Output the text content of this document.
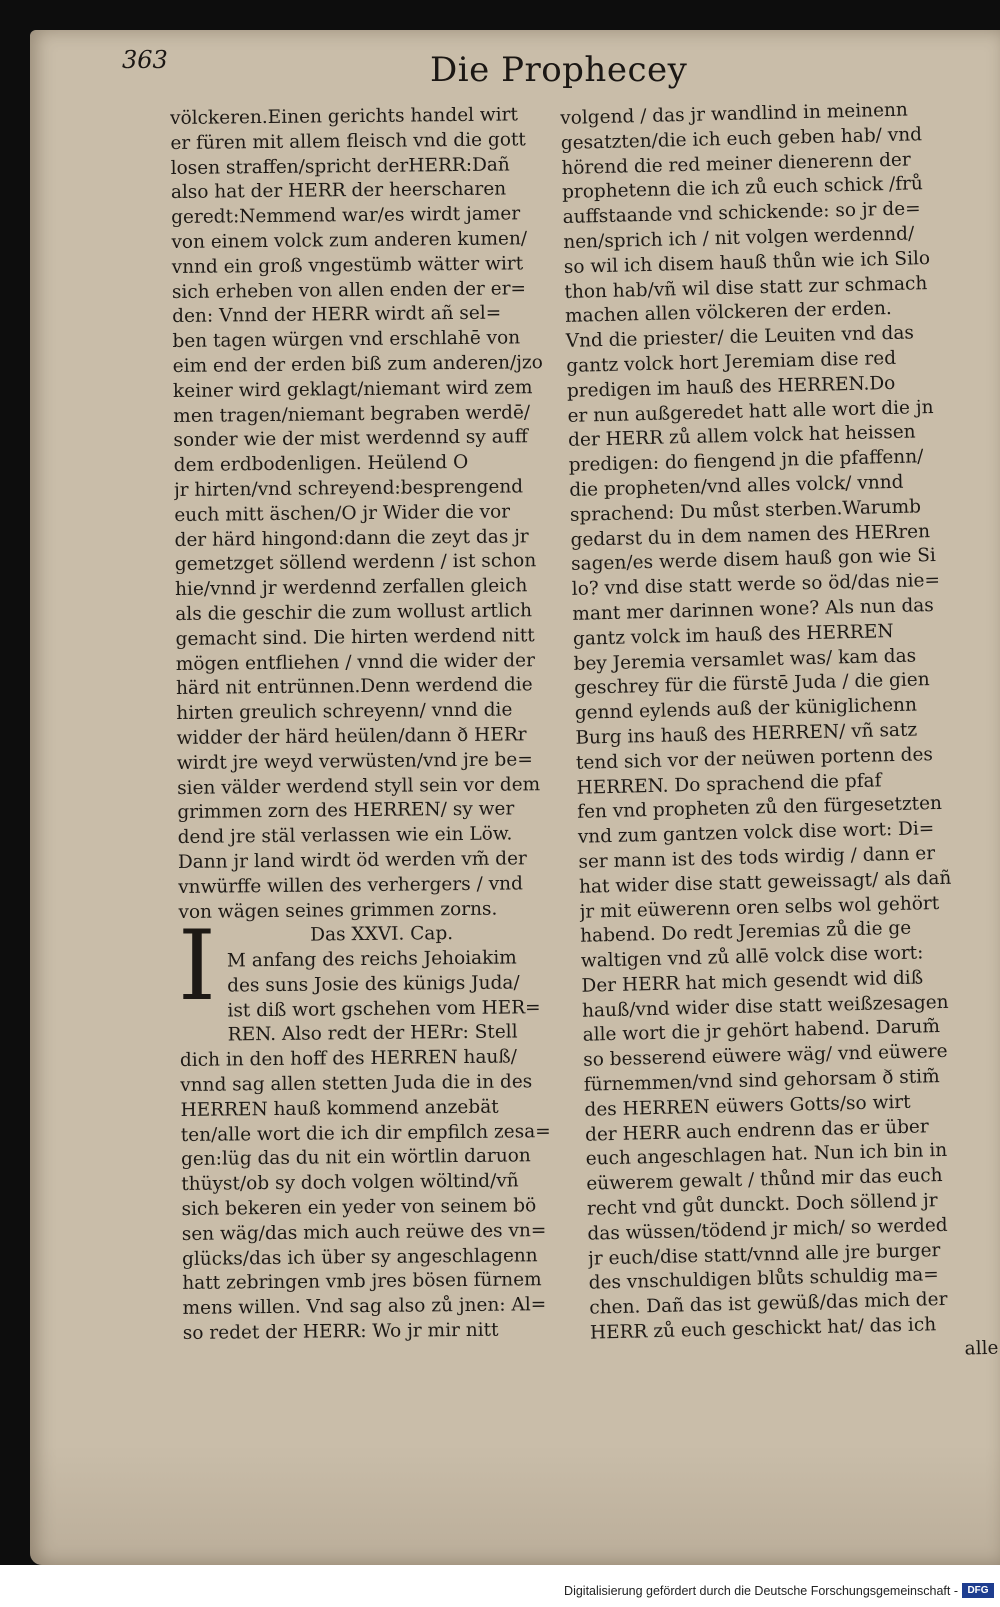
363	Die Prophecey
völckeren.Einen gerichts handel wirt
er füren mit allem fleisch vnd die gott
losen straffen/spricht derHERR:Dañ
also hat der HERR der heerscharen
geredt:Nemmend war/es wirdt jamer
von einem volck zum anderen kumen/
vnnd ein groß vngestümb wätter wirt
sich erheben von allen enden der er=
den: Vnnd der HERR wirdt añ sel=
ben tagen würgen vnd erschlahē von
eim end der erden biß zum anderen/jzo
keiner wird geklagt/niemant wird zem
men tragen/niemant begraben werdē/
sonder wie der mist werdennd sy auff
dem erdbodenligen. Heülend O
jr hirten/vnd schreyend:besprengend
euch mitt äschen/O jr Wider die vor
der härd hingond:dann die zeyt das jr
gemetzget söllend werdenn / ist schon
hie/vnnd jr werdennd zerfallen gleich
als die geschir die zum wollust artlich
gemacht sind. Die hirten werdend nitt
mögen entfliehen / vnnd die wider der
härd nit entrünnen.Denn werdend die
hirten greulich schreyenn/ vnnd die
widder der härd heülen/dann ð HERr
wirdt jre weyd verwüsten/vnd jre be=
sien välder werdend styll sein vor dem
grimmen zorn des HERREN/ sy wer
dend jre stäl verlassen wie ein Löw.
Dann jr land wirdt öd werden vm̃ der
vnwürffe willen des verhergers / vnd
von wägen seines grimmen zorns.
Das XXVI. Cap.
M anfang des reichs Jehoiakim
des suns Josie des künigs Juda/
ist diß wort gschehen vom HER=
REN. Also redt der HERr: Stell
dich in den hoff des HERREN hauß/
vnnd sag allen stetten Juda die in des
HERREN hauß kommend anzebät
ten/alle wort die ich dir empfilch zesa=
gen:lüg das du nit ein wörtlin daruon
thüyst/ob sy doch volgen wöltind/vñ
sich bekeren ein yeder von seinem bö
sen wäg/das mich auch reüwe des vn=
glücks/das ich über sy angeschlagenn
hatt zebringen vmb jres bösen fürnem
mens willen. Vnd sag also zů jnen: Al=
so redet der HERR: Wo jr mir nitt
I
volgend / das jr wandlind in meinenn
gesatzten/die ich euch geben hab/ vnd
hörend die red meiner dienerenn der
prophetenn die ich zů euch schick /frů
auffstaande vnd schickende: so jr de=
nen/sprich ich / nit volgen werdennd/
so wil ich disem hauß thůn wie ich Silo
thon hab/vñ wil dise statt zur schmach
machen allen völckeren der erden.
Vnd die priester/ die Leuiten vnd das
gantz volck hort Jeremiam dise red
predigen im hauß des HERREN.Do
er nun außgeredet hatt alle wort die jn
der HERR zů allem volck hat heissen
predigen: do fiengend jn die pfaffenn/
die propheten/vnd alles volck/ vnnd
sprachend: Du můst sterben.Warumb
gedarst du in dem namen des HERren
sagen/es werde disem hauß gon wie Si
lo? vnd dise statt werde so öd/das nie=
mant mer darinnen wone? Als nun das
gantz volck im hauß des HERREN
bey Jeremia versamlet was/ kam das
geschrey für die fürstē Juda / die gien
gennd eylends auß der küniglichenn
Burg ins hauß des HERREN/ vñ satz
tend sich vor der neüwen portenn des
HERREN. Do sprachend die pfaf
fen vnd propheten zů den fürgesetzten
vnd zum gantzen volck dise wort: Di=
ser mann ist des tods wirdig / dann er
hat wider dise statt geweissagt/ als dañ
jr mit eüwerenn oren selbs wol gehört
habend. Do redt Jeremias zů die ge
waltigen vnd zů allē volck dise wort:
Der HERR hat mich gesendt wid diß
hauß/vnd wider dise statt weißzesagen
alle wort die jr gehört habend. Darum̃
so besserend eüwere wäg/ vnd eüwere
fürnemmen/vnd sind gehorsam ð stim̃
des HERREN eüwers Gotts/so wirt
der HERR auch endrenn das er über
euch angeschlagen hat. Nun ich bin in
eüwerem gewalt / thůnd mir das euch
recht vnd gůt dunckt. Doch söllend jr
das wüssen/tödend jr mich/ so werded
jr euch/dise statt/vnnd alle jre burger
des vnschuldigen blůts schuldig ma=
chen. Dañ das ist gewüß/das mich der
HERR zů euch geschickt hat/ das ich
alle
Digitalisierung gefördert durch die Deutsche Forschungsgemeinschaft - DFG
